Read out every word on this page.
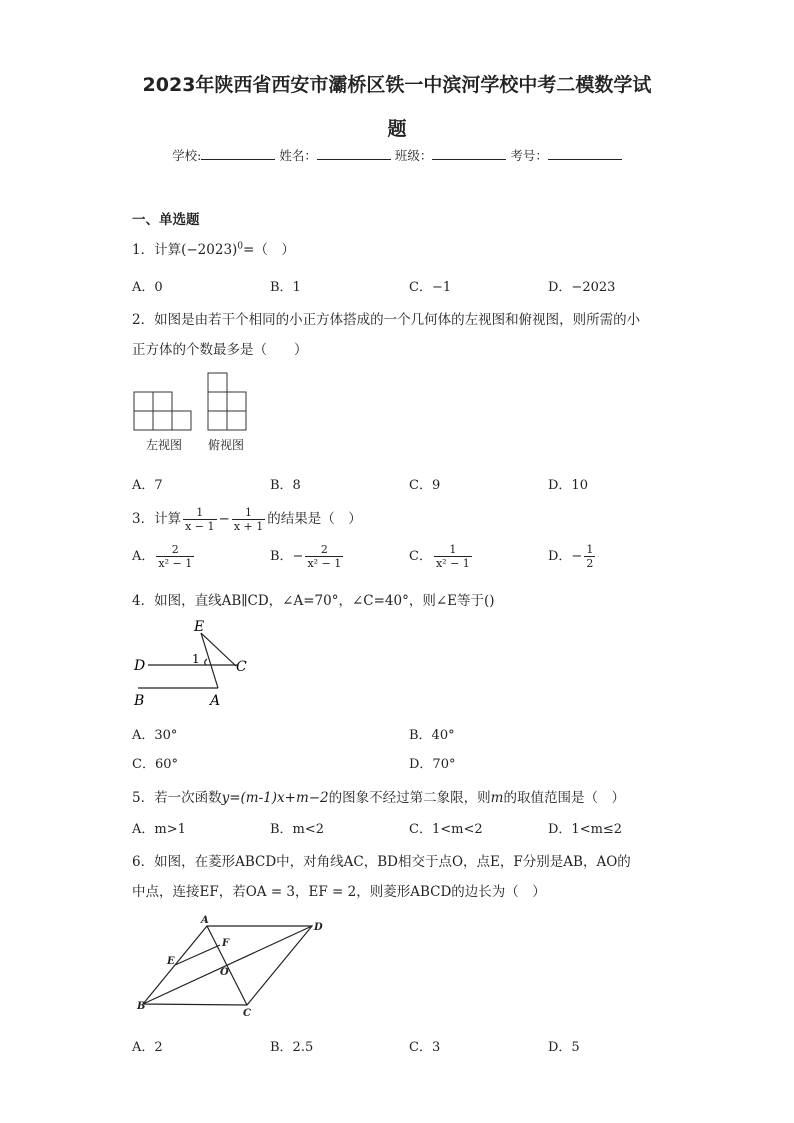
2023年陕西省西安市灞桥区铁一中滨河学校中考二模数学试
题
学校:	姓名：	班级：	考号：
一、单选题
1．计算$(-2023)^0=$（　）
A．0	B．1	C．−1	D．−2023
2．如图是由若干个相同的小正方体搭成的一个几何体的左视图和俯视图，则所需的小
正方体的个数最多是（　　）
左视图 俯视图
A．7	B．8	C．9	D．10
3．计算 $\frac{1}{x - 1} - \frac{1}{x + 1}$ 的结果是（　）
A． $\frac{2}{\text{x² − 1}}$	B．− $\frac{2}{\text{x² − 1}}$	C． $\frac{1}{\text{x² − 1}}$	D．− $\frac{1}{2}$
4．如图，直线AB∥CD，∠A=70°，∠C=40°，则∠E等于()
E
D	C
B	A
1
A．30°	B．40°
C．60°	D．70°
5．若一次函数y=(m-1)x+m−2的图象不经过第二象限，则m的取值范围是（　）
A．m>1	B．m<2	C．1<m<2	D．1<m≤2
6．如图，在菱形ABCD中，对角线AC，BD相交于点O，点E，F分别是AB，AO的
中点，连接EF，若OA = 3，EF = 2，则菱形ABCD的边长为（　）
A
B
C
D
E
F
O
A．2	B．2.5	C．3	D．5
